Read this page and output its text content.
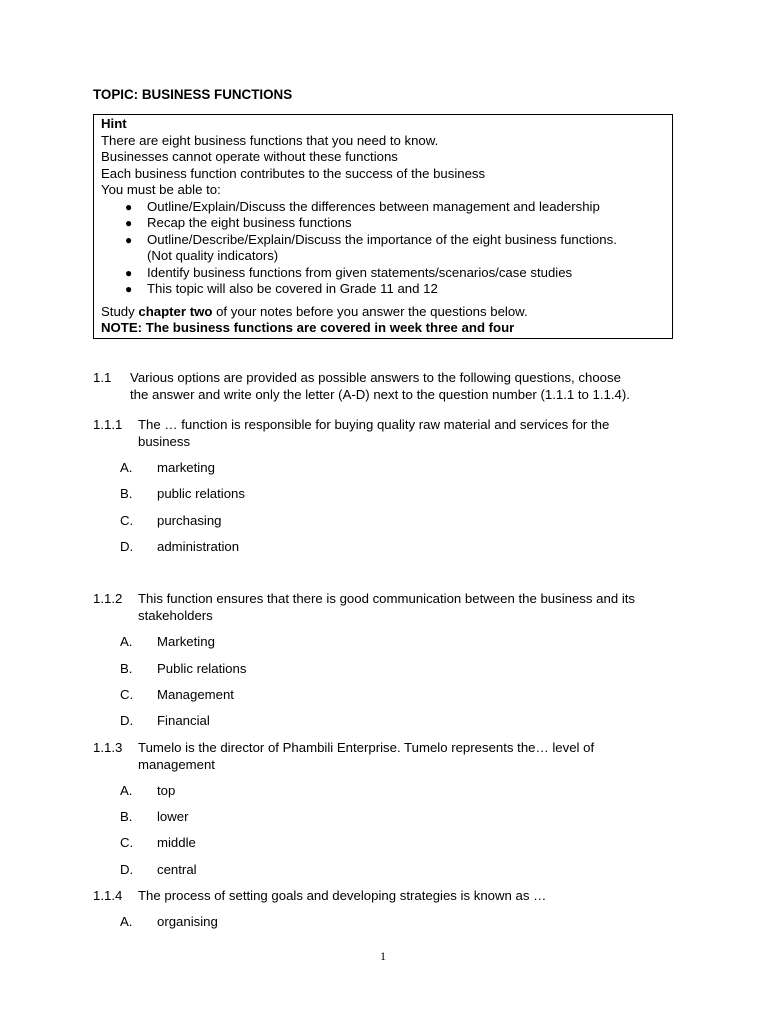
TOPIC: BUSINESS FUNCTIONS
Hint
There are eight business functions that you need to know.
Businesses cannot operate without these functions
Each business function contributes to the success of the business
You must be able to:
● Outline/Explain/Discuss the differences between management and leadership
● Recap the eight business functions
● Outline/Describe/Explain/Discuss the importance of the eight business functions.
(Not quality indicators)
● Identify business functions from given statements/scenarios/case studies
● This topic will also be covered in Grade 11 and 12
Study chapter two of your notes before you answer the questions below.
NOTE: The business functions are covered in week three and four
1.1	Various options are provided as possible answers to the following questions, choose
the answer and write only the letter (A-D) next to the question number (1.1.1 to 1.1.4).
1.1.1	The … function is responsible for buying quality raw material and services for the
business
A. marketing
B. public relations
C. purchasing
D. administration
1.1.2	This function ensures that there is good communication between the business and its
stakeholders
A. Marketing
B. Public relations
C. Management
D. Financial
1.1.3	Tumelo is the director of Phambili Enterprise. Tumelo represents the… level of
management
A. top
B. lower
C. middle
D. central
1.1.4	The process of setting goals and developing strategies is known as …
A. organising
1
